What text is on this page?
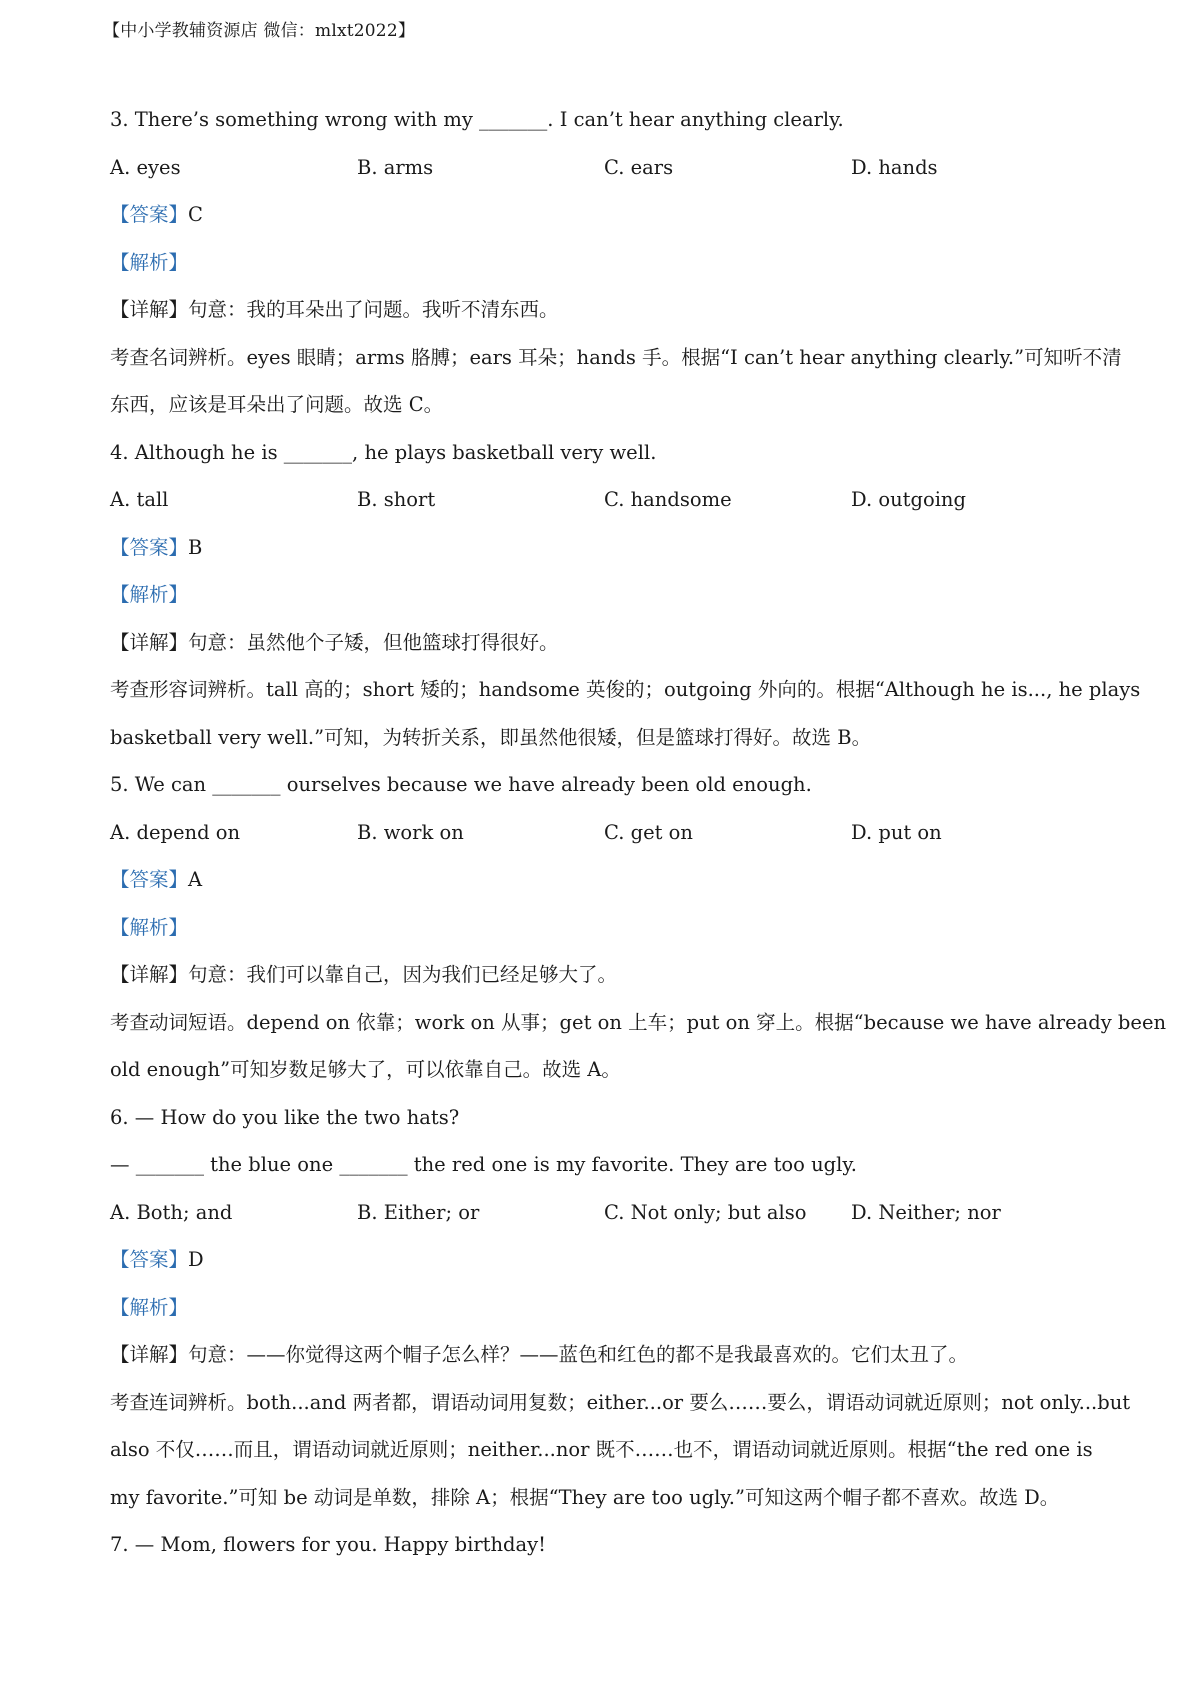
【中小学教辅资源店 微信：mlxt2022】
3. There’s something wrong with my _______. I can’t hear anything clearly.
A. eyes	B. arms	C. ears	D. hands
【答案】C
【解析】
【详解】句意：我的耳朵出了问题。我听不清东西。
考查名词辨析。eyes 眼睛；arms 胳膊；ears 耳朵；hands 手。根据“I can’t hear anything clearly.”可知听不清
东西，应该是耳朵出了问题。故选 C。
4. Although he is _______, he plays basketball very well.
A. tall	B. short	C. handsome	D. outgoing
【答案】B
【解析】
【详解】句意：虽然他个子矮，但他篮球打得很好。
考查形容词辨析。tall 高的；short 矮的；handsome 英俊的；outgoing 外向的。根据“Although he is..., he plays
basketball very well.”可知，为转折关系，即虽然他很矮，但是篮球打得好。故选 B。
5. We can _______ ourselves because we have already been old enough.
A. depend on	B. work on	C. get on	D. put on
【答案】A
【解析】
【详解】句意：我们可以靠自己，因为我们已经足够大了。
考查动词短语。depend on 依靠；work on 从事；get on 上车；put on 穿上。根据“because we have already been
old enough”可知岁数足够大了，可以依靠自己。故选 A。
6. — How do you like the two hats?
— _______ the blue one _______ the red one is my favorite. They are too ugly.
A. Both; and	B. Either; or	C. Not only; but also	D. Neither; nor
【答案】D
【解析】
【详解】句意：——你觉得这两个帽子怎么样？——蓝色和红色的都不是我最喜欢的。它们太丑了。
考查连词辨析。both...and 两者都，谓语动词用复数；either...or 要么……要么，谓语动词就近原则；not only...but
also 不仅……而且，谓语动词就近原则；neither...nor 既不……也不，谓语动词就近原则。根据“the red one is
my favorite.”可知 be 动词是单数，排除 A；根据“They are too ugly.”可知这两个帽子都不喜欢。故选 D。
7. — Mom, flowers for you. Happy birthday!
